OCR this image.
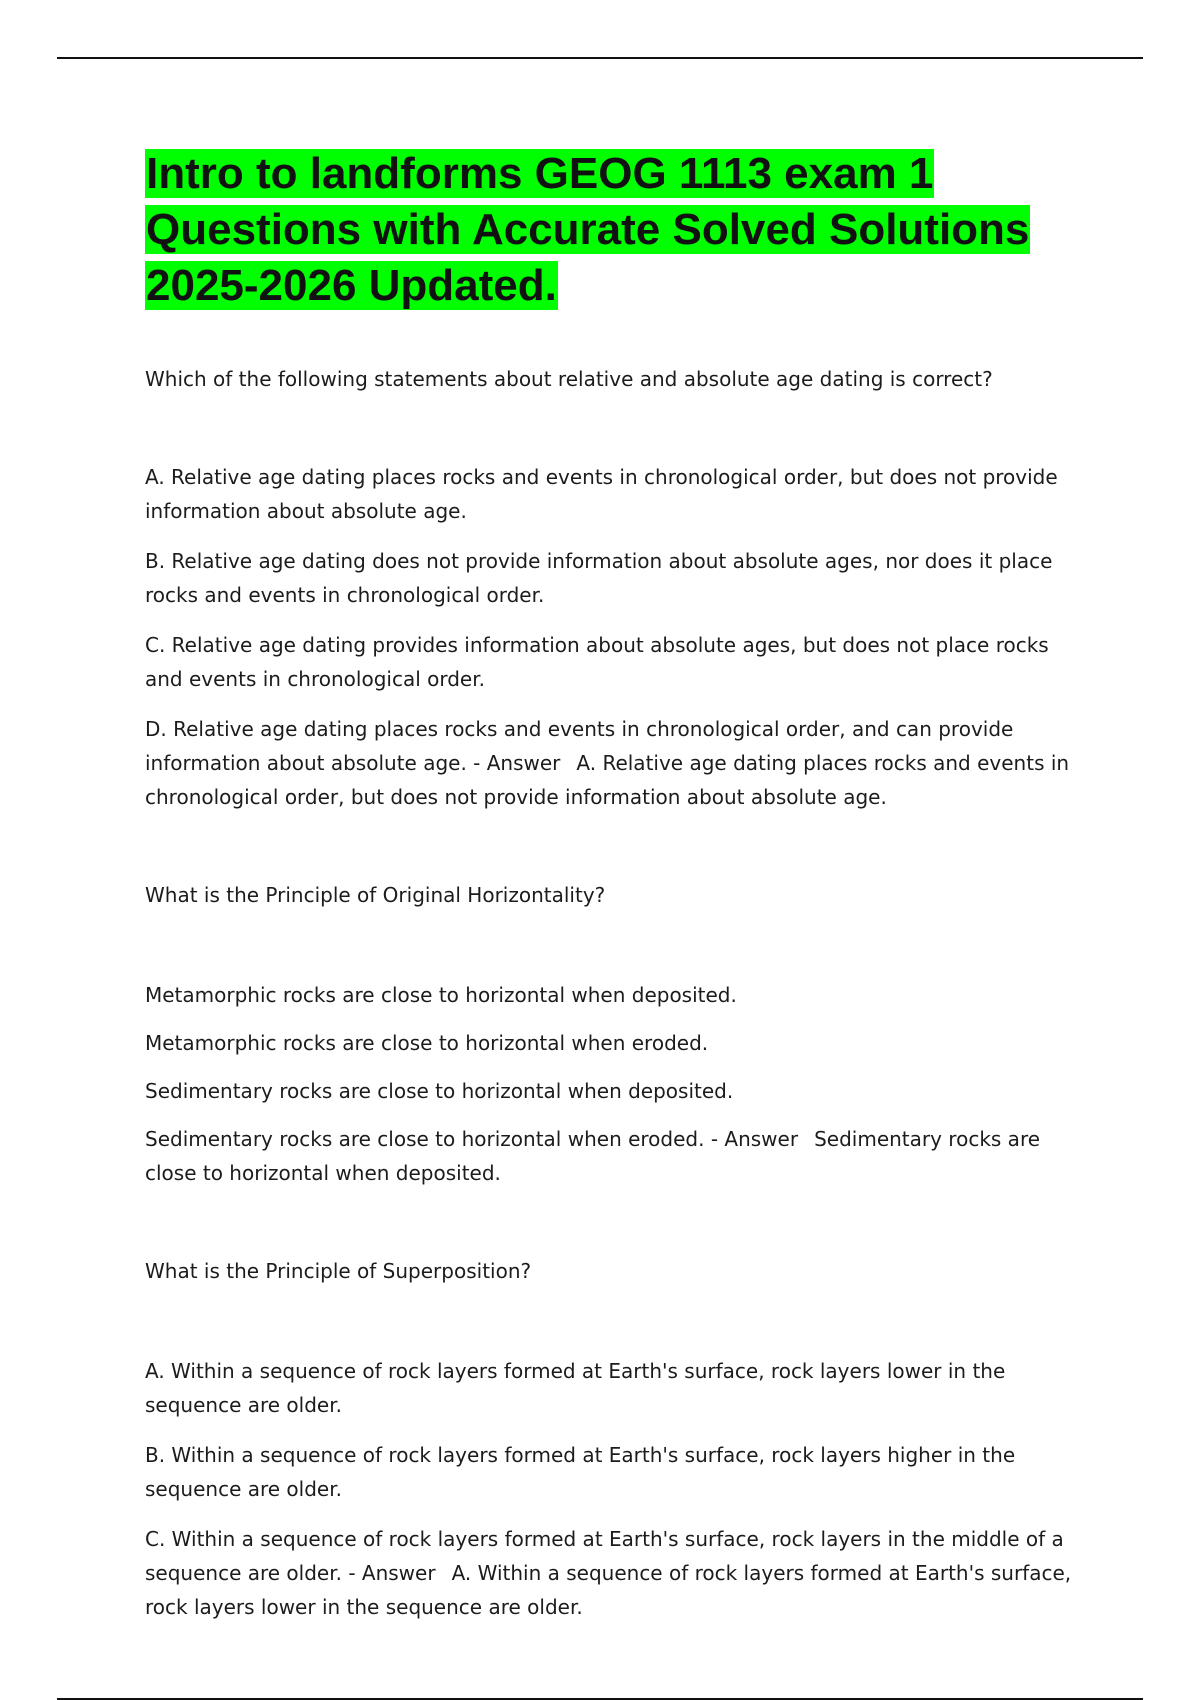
Intro to landforms GEOG 1113 exam 1 Questions with Accurate Solved Solutions 2025-2026 Updated.

Which of the following statements about relative and absolute age dating is correct?

A. Relative age dating places rocks and events in chronological order, but does not provide information about absolute age.

B. Relative age dating does not provide information about absolute ages, nor does it place rocks and events in chronological order.

C. Relative age dating provides information about absolute ages, but does not place rocks and events in chronological order.

D. Relative age dating places rocks and events in chronological order, and can provide information about absolute age. - Answer A. Relative age dating places rocks and events in chronological order, but does not provide information about absolute age.

What is the Principle of Original Horizontality?

Metamorphic rocks are close to horizontal when deposited.

Metamorphic rocks are close to horizontal when eroded.

Sedimentary rocks are close to horizontal when deposited.

Sedimentary rocks are close to horizontal when eroded. - Answer Sedimentary rocks are close to horizontal when deposited.

What is the Principle of Superposition?

A. Within a sequence of rock layers formed at Earth's surface, rock layers lower in the sequence are older.

B. Within a sequence of rock layers formed at Earth's surface, rock layers higher in the sequence are older.

C. Within a sequence of rock layers formed at Earth's surface, rock layers in the middle of a sequence are older. - Answer A. Within a sequence of rock layers formed at Earth's surface, rock layers lower in the sequence are older.
